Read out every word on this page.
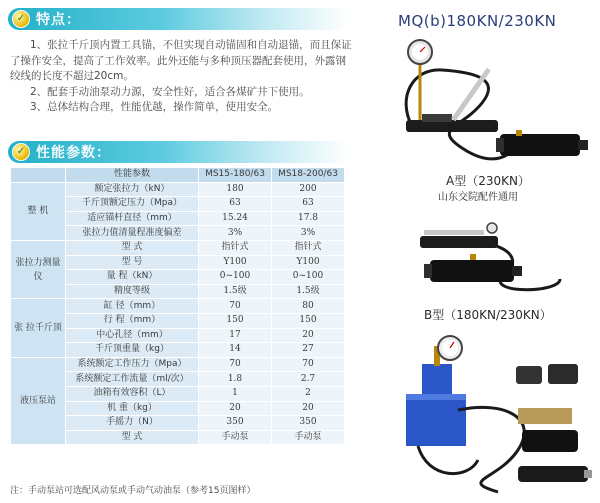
✓ 特点：	MQ(b)180KN/230KN

1、张拉千斤顶内置工具锚，不但实现自动锚固和自动退锚，而且保证了操作安全，提高了工作效率。此外还能与多种顶压器配套使用，外露钢绞线的长度不超过20cm。

2、配套手动油泵动力源，安全性好，适合各煤矿井下使用。

3、总体结构合理，性能优越，操作简单，使用安全。

✓ 性能参数：
	性能参数	MS15-180/63	MS18-200/63
整 机	额定张拉力（kN）	180	200
	千斤顶额定压力（Mpa）	63	63
	适应锚杆直径（mm）	15.24	17.8
	张拉力值清量程准度偏差	3%	3%
张拉力测量仪	型 式	指针式	指针式
	型 号	Y100	Y100
	量 程（kN）	0~100	0~100
	精度等级	1.5级	1.5级
张 拉千斤顶	缸 径（mm）	70	80
	行 程（mm）	150	150
	中心孔径（mm）	17	20
	千斤顶重量（kg）	14	27
液压泵站	系统额定工作压力（Mpa）	70	70
	系统额定工作流量（ml/次）	1.8	2.7
	油箱有效容积（L）	1	2
	机 重（kg）	20	20
	手摇力（N）	350	350
	型 式	手动泵	手动泵
注：手动泵站可选配风动泵或手动气动油泵（参考15页图样）
A型（230KN）
山东交院配件通用
B型（180KN/230KN）
